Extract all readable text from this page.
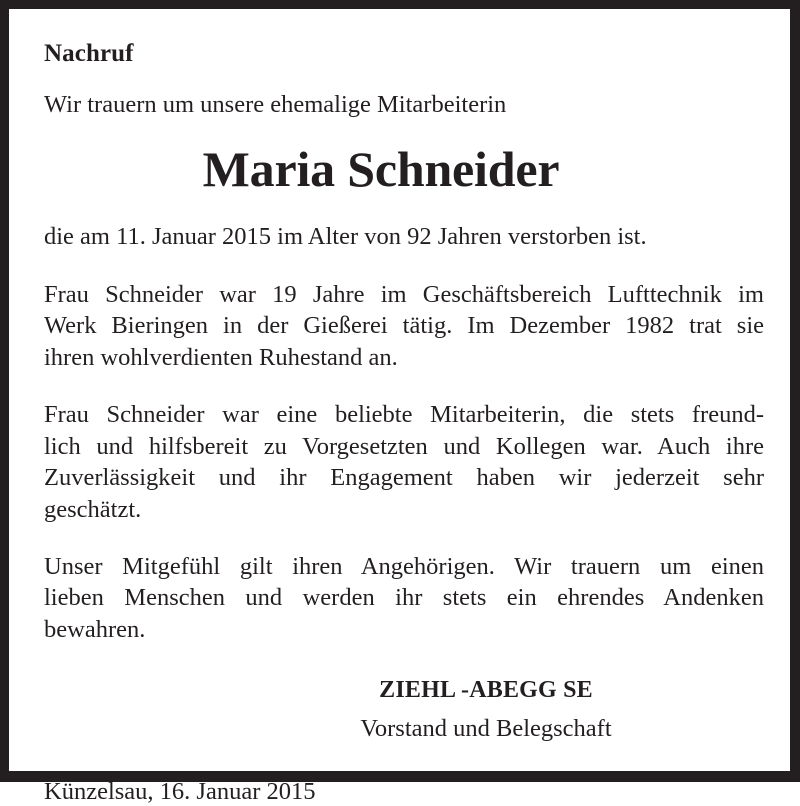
Nachruf

Wir trauern um unsere ehemalige Mitarbeiterin

Maria Schneider

die am 11. Januar 2015 im Alter von 92 Jahren verstorben ist.

Frau Schneider war 19 Jahre im Geschäftsbereich Lufttechnik im
Werk Bieringen in der Gießerei tätig. Im Dezember 1982 trat sie
ihren wohlverdienten Ruhestand an.

Frau Schneider war eine beliebte Mitarbeiterin, die stets freund-
lich und hilfsbereit zu Vorgesetzten und Kollegen war. Auch ihre
Zuverlässigkeit und ihr Engagement haben wir jederzeit sehr
geschätzt.

Unser Mitgefühl gilt ihren Angehörigen. Wir trauern um einen
lieben Menschen und werden ihr stets ein ehrendes Andenken
bewahren.

ZIEHL -ABEGG SE
Vorstand und Belegschaft

Künzelsau, 16. Januar 2015
